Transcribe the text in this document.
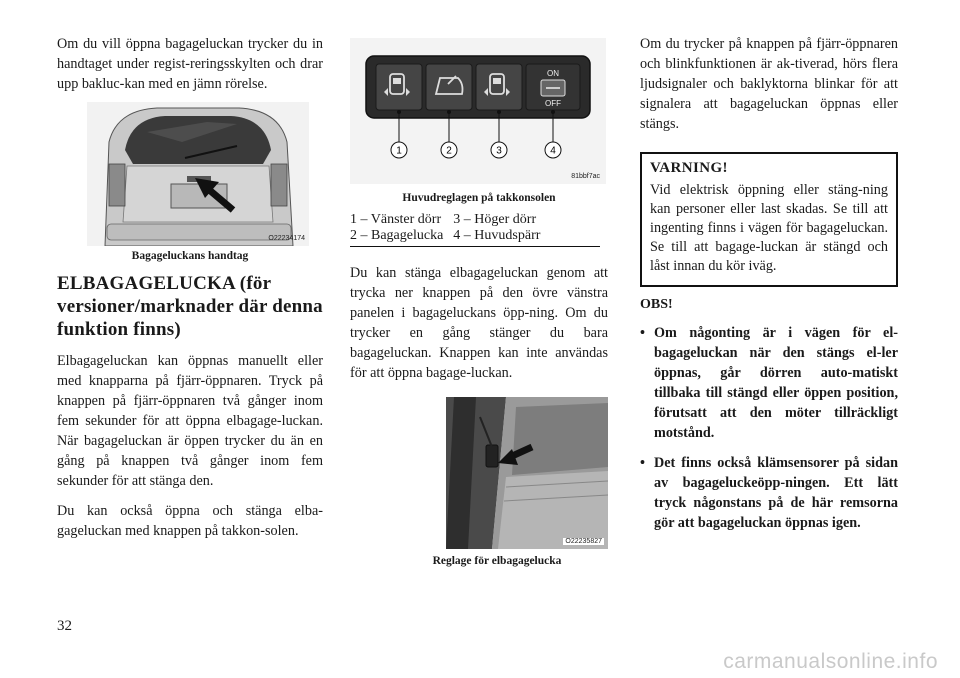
Om du vill öppna bagageluckan trycker du in handtaget under regist-reringsskylten och drar upp bakluc-kan med en jämn rörelse.

O22234174

Bagageluckans handtag

ELBAGAGELUCKA (för versioner/marknader där denna funktion finns)

Elbagageluckan kan öppnas manuellt eller med knapparna på fjärr-öppnaren. Tryck på knappen på fjärr-öppnaren två gånger inom fem sekunder för att öppna elbagage-luckan. När bagageluckan är öppen trycker du än en gång på knappen två gånger inom fem sekunder för att stänga den.

Du kan också öppna och stänga elba-gageluckan med knappen på takkon-solen.

ON
OFF
1	2	3	4
81bbf7ac

Huvudreglagen på takkonsolen

1 – Vänster dörr
2 – Bagagelucka
3 – Höger dörr
4 – Huvudspärr

Du kan stänga elbagageluckan genom att trycka ner knappen på den övre vänstra panelen i bagageluckans öpp-ning. Om du trycker en gång stänger du bara bagageluckan. Knappen kan inte användas för att öppna bagage-luckan.

O22235827

Reglage för elbagagelucka

Om du trycker på knappen på fjärr-öppnaren och blinkfunktionen är ak-tiverad, hörs flera ljudsignaler och baklyktorna blinkar för att signalera att bagageluckan öppnas eller stängs.

VARNING!

Vid elektrisk öppning eller stäng-ning kan personer eller last skadas. Se till att ingenting finns i vägen för bagageluckan. Se till att bagage-luckan är stängd och låst innan du kör iväg.

OBS!

• Om någonting är i vägen för el-bagageluckan när den stängs el-ler öppnas, går dörren auto-matiskt tillbaka till stängd eller öppen position, förutsatt att den möter tillräckligt motstånd.
• Det finns också klämsensorer på sidan av bagageluckeöpp-ningen. Ett lätt tryck någonstans på de här remsorna gör att bagageluckan öppnas igen.
32
carmanualsonline.info
